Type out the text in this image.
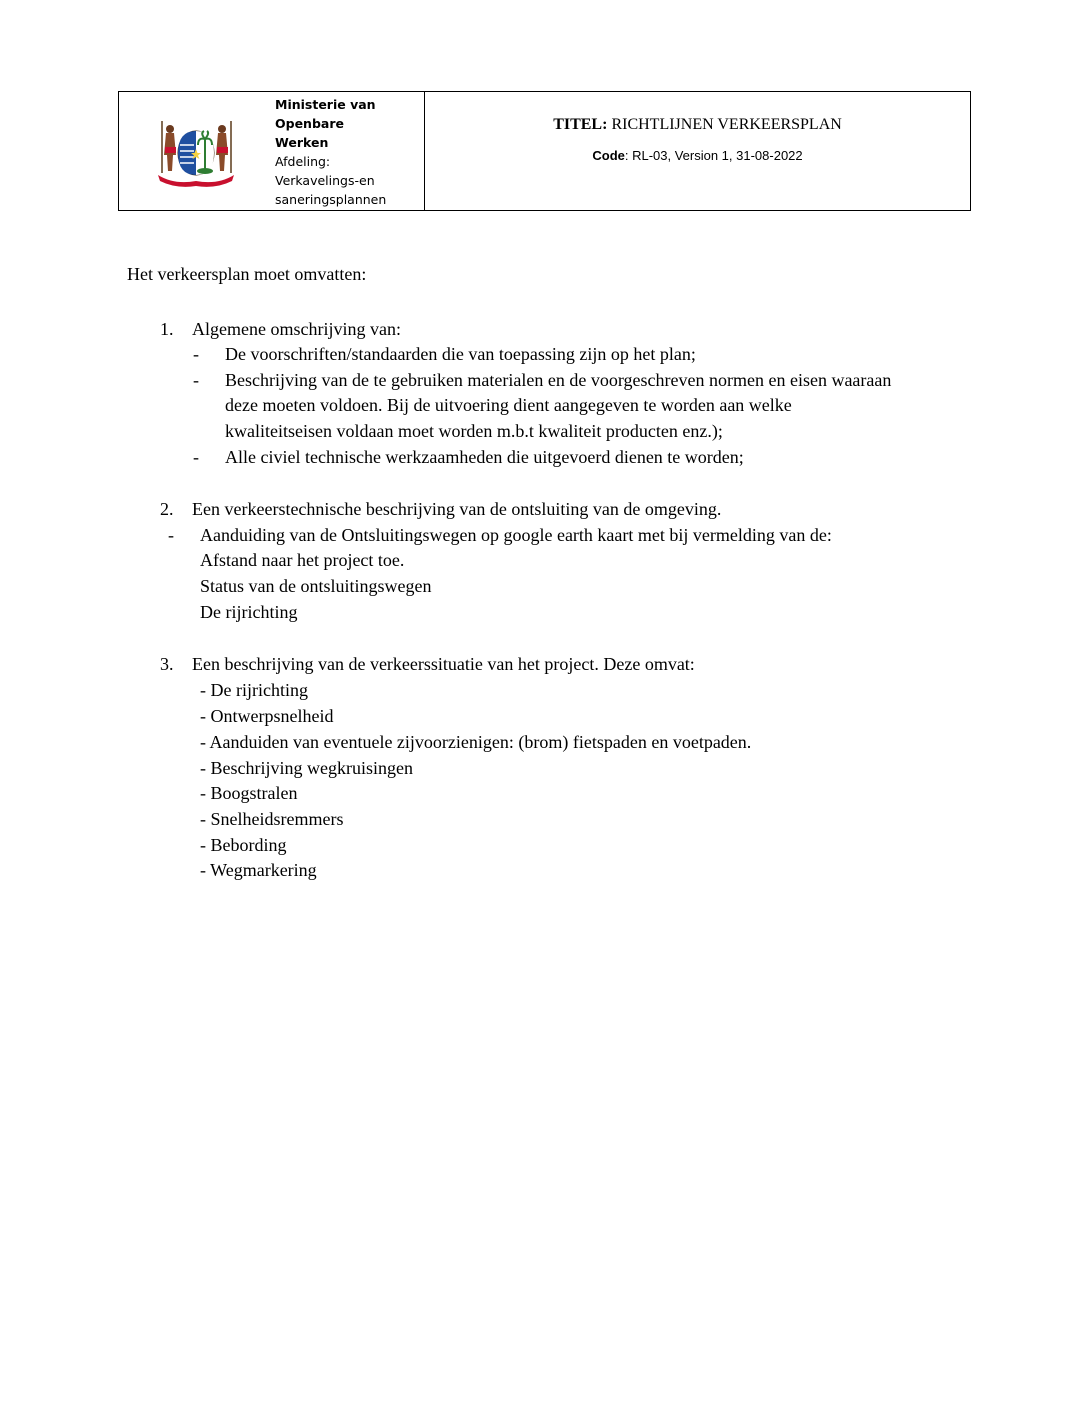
Ministerie van
Openbare
Werken
Afdeling:
Verkavelings-en
saneringsplannen
TITEL: RICHTLIJNEN VERKEERSPLAN
Code: RL-03, Version 1, 31-08-2022
Het verkeersplan moet omvatten:
1. Algemene omschrijving van:
- De voorschriften/standaarden die van toepassing zijn op het plan;
- Beschrijving van de te gebruiken materialen en de voorgeschreven normen en eisen waaraan
deze moeten voldoen. Bij de uitvoering dient aangegeven te worden aan welke
kwaliteitseisen voldaan moet worden m.b.t kwaliteit producten enz.);
- Alle civiel technische werkzaamheden die uitgevoerd dienen te worden;
2. Een verkeerstechnische beschrijving van de ontsluiting van de omgeving.
- Aanduiding van de Ontsluitingswegen op google earth kaart met bij vermelding van de:
Afstand naar het project toe.
Status van de ontsluitingswegen
De rijrichting
3. Een beschrijving van de verkeerssituatie van het project. Deze omvat:
- De rijrichting
- Ontwerpsnelheid
- Aanduiden van eventuele zijvoorzienigen: (brom) fietspaden en voetpaden.
- Beschrijving wegkruisingen
- Boogstralen
- Snelheidsremmers
- Bebording
- Wegmarkering
